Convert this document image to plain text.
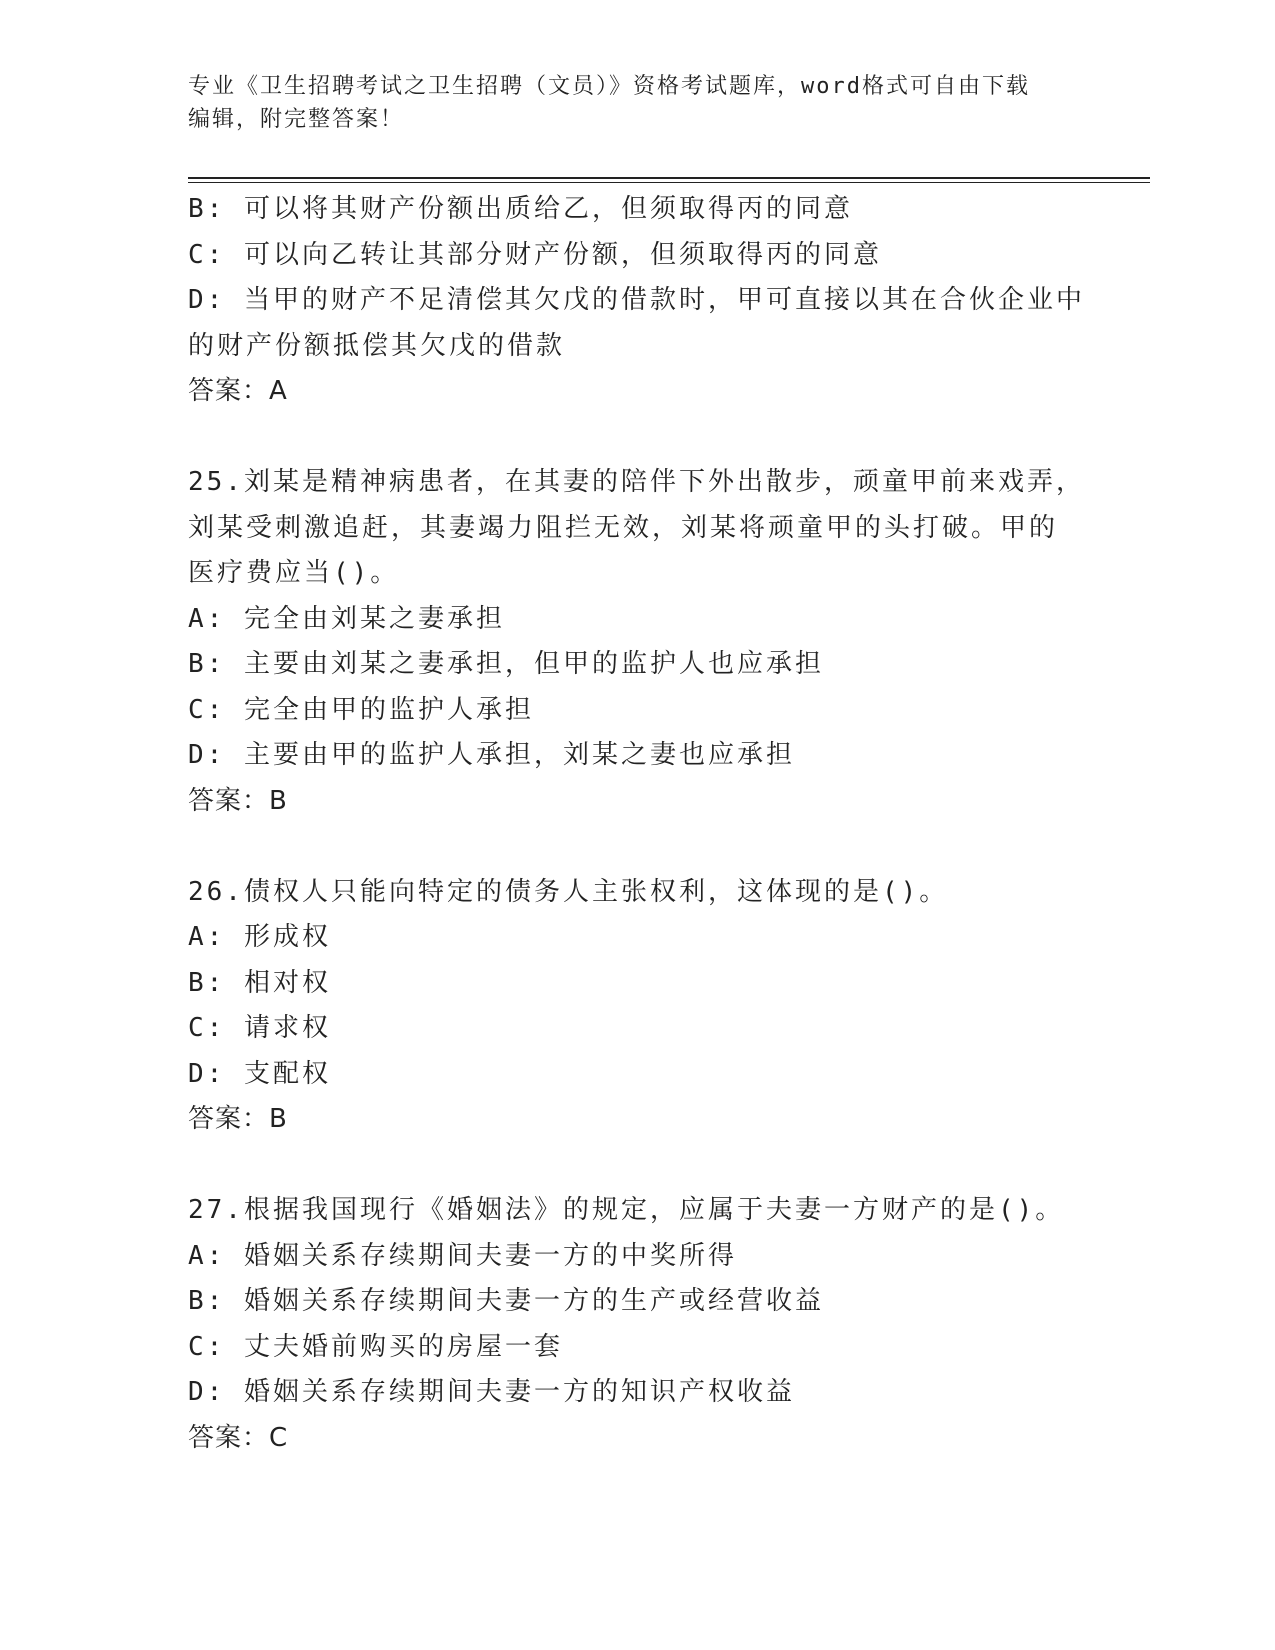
专业《卫生招聘考试之卫生招聘（文员）》资格考试题库，word格式可自由下载
编辑，附完整答案！

B: 可以将其财产份额出质给乙，但须取得丙的同意

C: 可以向乙转让其部分财产份额，但须取得丙的同意

D: 当甲的财产不足清偿其欠戊的借款时，甲可直接以其在合伙企业中

的财产份额抵偿其欠戊的借款

答案：A

25.刘某是精神病患者，在其妻的陪伴下外出散步，顽童甲前来戏弄，

刘某受刺激追赶，其妻竭力阻拦无效，刘某将顽童甲的头打破。甲的

医疗费应当()。

A: 完全由刘某之妻承担

B: 主要由刘某之妻承担，但甲的监护人也应承担

C: 完全由甲的监护人承担

D: 主要由甲的监护人承担，刘某之妻也应承担

答案：B

26.债权人只能向特定的债务人主张权利，这体现的是()。

A: 形成权

B: 相对权

C: 请求权

D: 支配权

答案：B

27.根据我国现行《婚姻法》的规定，应属于夫妻一方财产的是()。

A: 婚姻关系存续期间夫妻一方的中奖所得

B: 婚姻关系存续期间夫妻一方的生产或经营收益

C: 丈夫婚前购买的房屋一套

D: 婚姻关系存续期间夫妻一方的知识产权收益

答案：C
